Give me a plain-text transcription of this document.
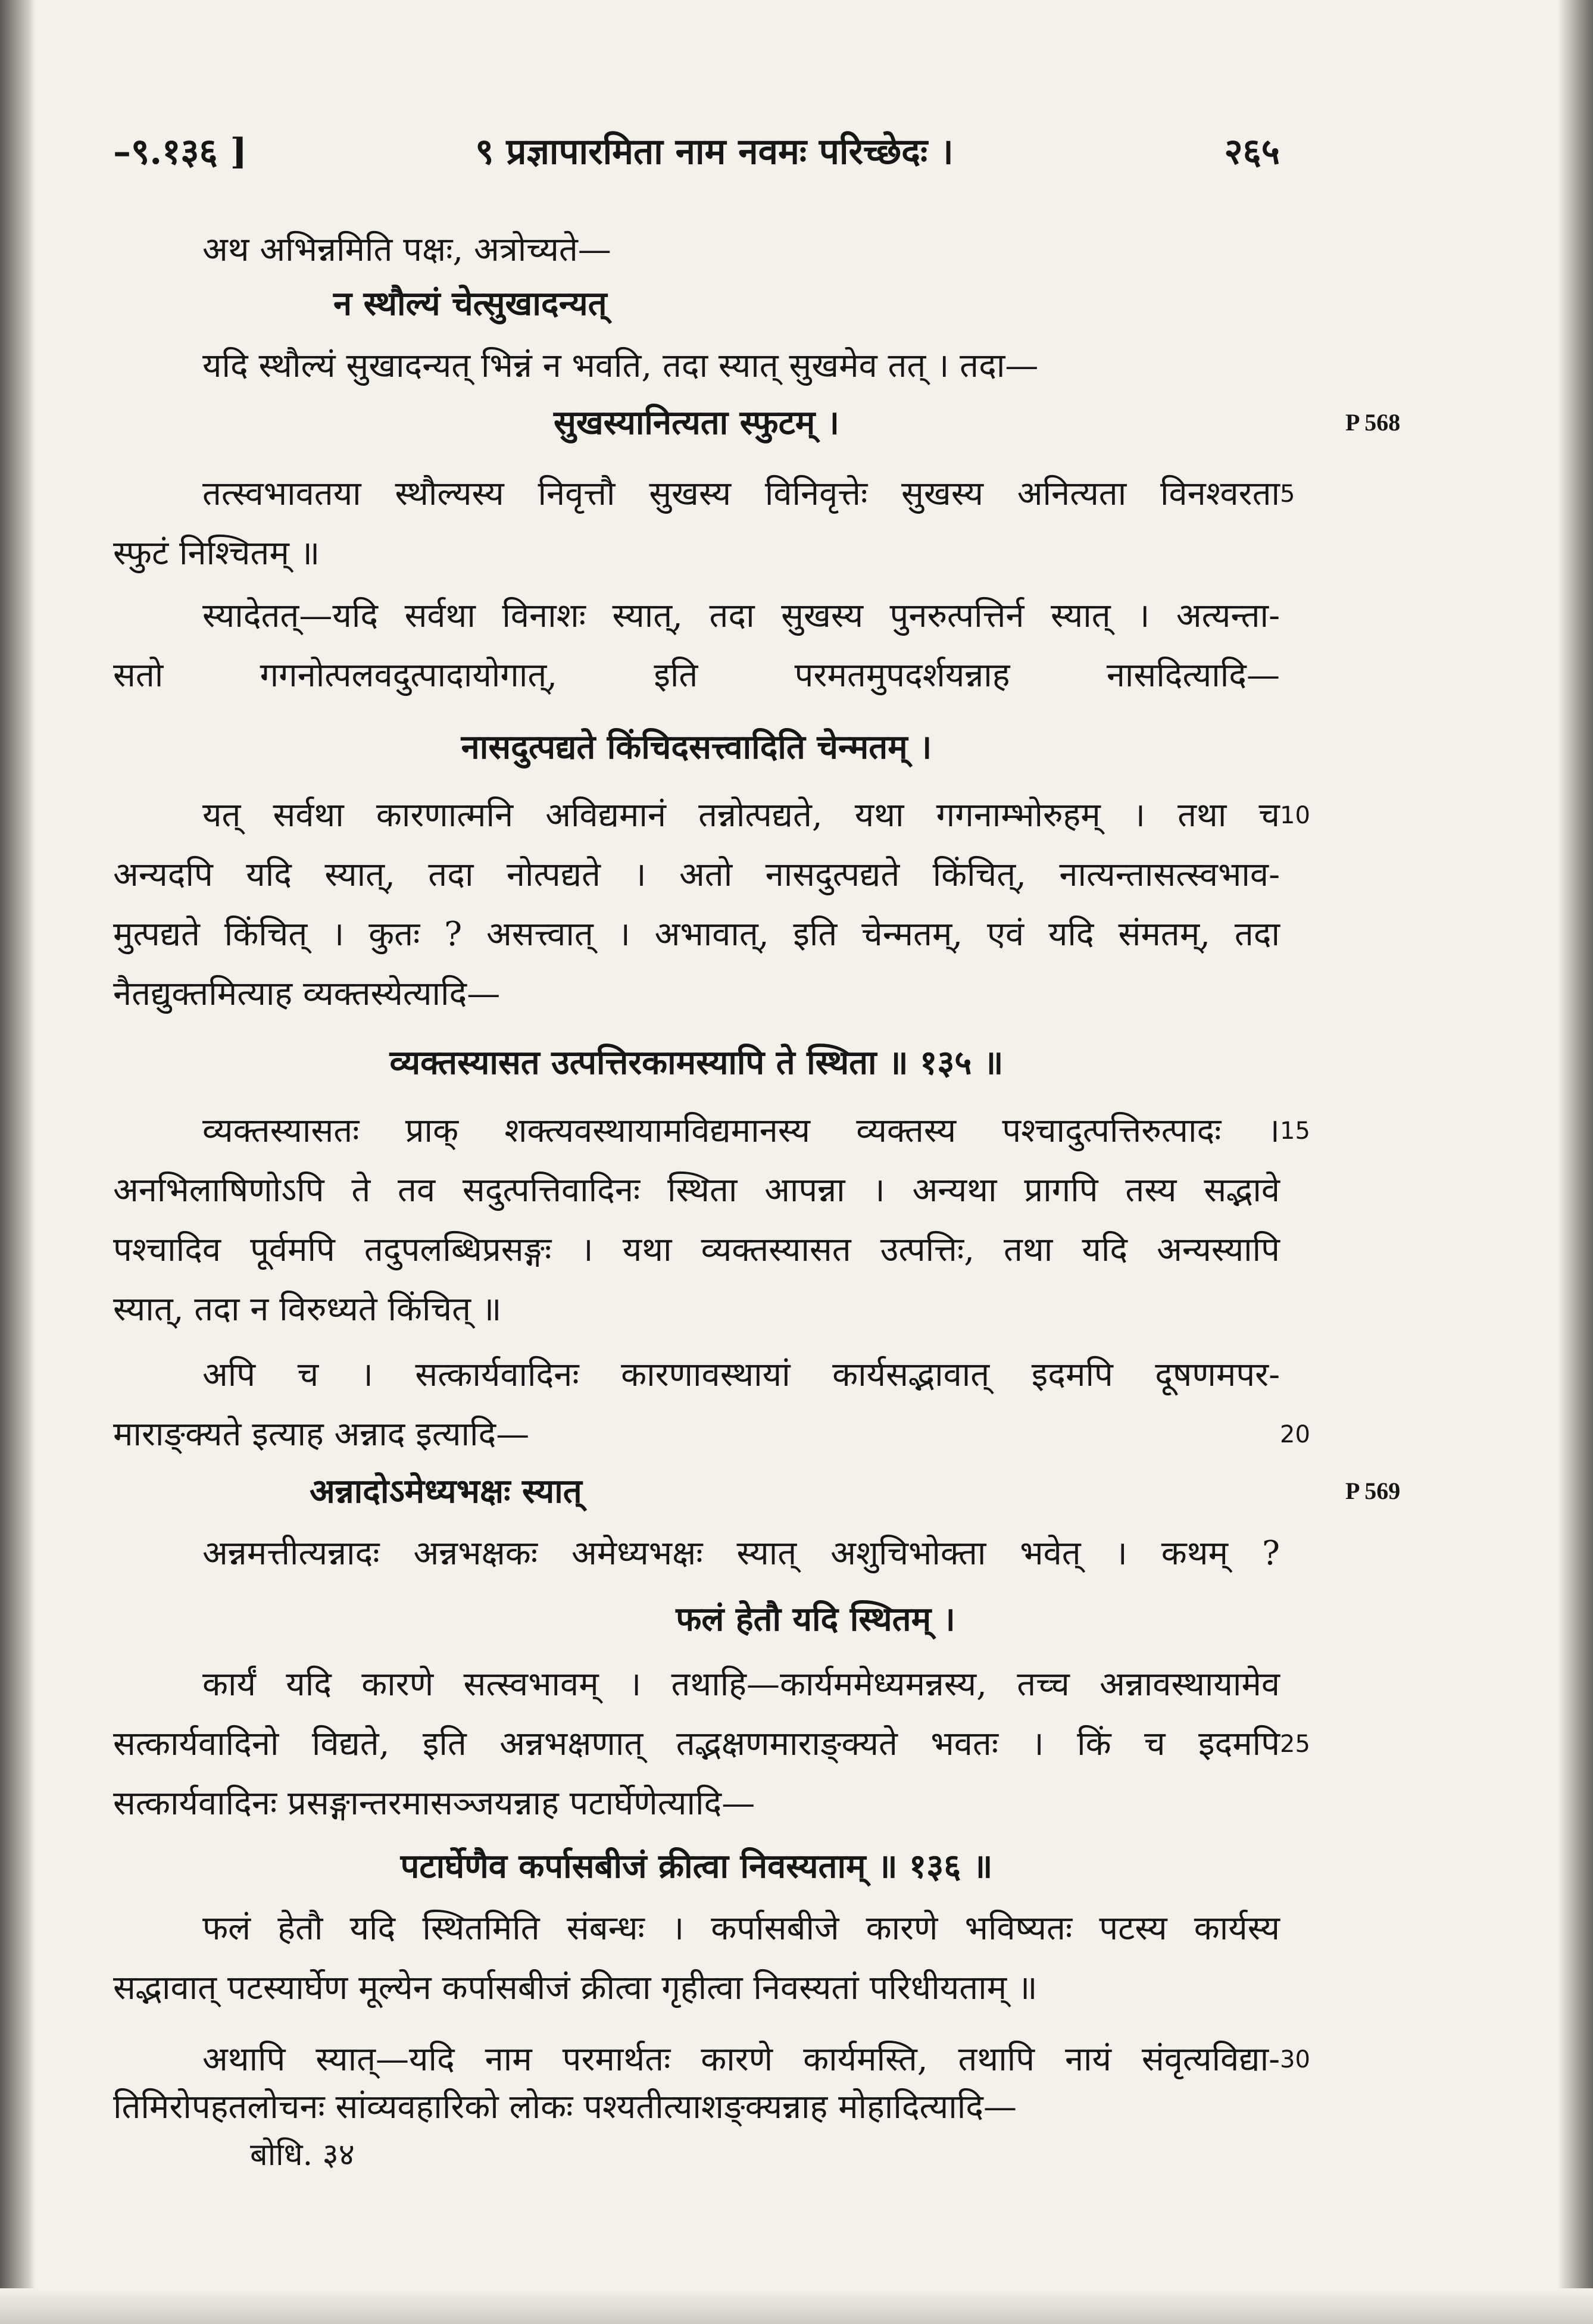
–९.१३६ ]	९ प्रज्ञापारमिता नाम नवमः परिच्छेदः ।	२६५
अथ अभिन्नमिति पक्षः, अत्रोच्यते—
न स्थौल्यं चेत्सुखादन्यत्
यदि स्थौल्यं सुखादन्यत् भिन्नं न भवति, तदा स्यात् सुखमेव तत् । तदा—
सुखस्यानित्यता स्फुटम् ।	P 568
तत्स्वभावतया स्थौल्यस्य निवृत्तौ सुखस्य विनिवृत्तेः सुखस्य अनित्यता विनश्वरता 5
स्फुटं निश्चितम् ॥
स्यादेतत्—यदि सर्वथा विनाशः स्यात्, तदा सुखस्य पुनरुत्पत्तिर्न स्यात् । अत्यन्ता-
सतो गगनोत्पलवदुत्पादायोगात्, इति परमतमुपदर्शयन्नाह नासदित्यादि—
नासदुत्पद्यते किंचिदसत्त्वादिति चेन्मतम् ।
यत् सर्वथा कारणात्मनि अविद्यमानं तन्नोत्पद्यते, यथा गगनाम्भोरुहम् । तथा च 10
अन्यदपि यदि स्यात्, तदा नोत्पद्यते । अतो नासदुत्पद्यते किंचित्, नात्यन्तासत्स्वभाव-
मुत्पद्यते किंचित् । कुतः ? असत्त्वात् । अभावात्, इति चेन्मतम्, एवं यदि संमतम्, तदा
नैतद्युक्तमित्याह व्यक्तस्येत्यादि—
व्यक्तस्यासत उत्पत्तिरकामस्यापि ते स्थिता ॥ १३५ ॥
व्यक्तस्यासतः प्राक् शक्त्यवस्थायामविद्यमानस्य व्यक्तस्य पश्चादुत्पत्तिरुत्पादः । 15
अनभिलाषिणोऽपि ते तव सदुत्पत्तिवादिनः स्थिता आपन्ना । अन्यथा प्रागपि तस्य सद्भावे
पश्चादिव पूर्वमपि तदुपलब्धिप्रसङ्गः । यथा व्यक्तस्यासत उत्पत्तिः, तथा यदि अन्यस्यापि
स्यात्, तदा न विरुध्यते किंचित् ॥
अपि च । सत्कार्यवादिनः कारणावस्थायां कार्यसद्भावात् इदमपि दूषणमपर-
माराङ्क्यते इत्याह अन्नाद इत्यादि—	20
अन्नादोऽमेध्यभक्षः स्यात्	P 569
अन्नमत्तीत्यन्नादः अन्नभक्षकः अमेध्यभक्षः स्यात् अशुचिभोक्ता भवेत् । कथम् ?
फलं हेतौ यदि स्थितम् ।
कार्यं यदि कारणे सत्स्वभावम् । तथाहि—कार्यममेध्यमन्नस्य, तच्च अन्नावस्थायामेव
सत्कार्यवादिनो विद्यते, इति अन्नभक्षणात् तद्भक्षणमाराङ्क्यते भवतः । किं च इदमपि 25
सत्कार्यवादिनः प्रसङ्गान्तरमासञ्जयन्नाह पटार्घेणेत्यादि—
पटार्घेणैव कर्पासबीजं क्रीत्वा निवस्यताम् ॥ १३६ ॥
फलं हेतौ यदि स्थितमिति संबन्धः । कर्पासबीजे कारणे भविष्यतः पटस्य कार्यस्य
सद्भावात् पटस्यार्घेण मूल्येन कर्पासबीजं क्रीत्वा गृहीत्वा निवस्यतां परिधीयताम् ॥
अथापि स्यात्—यदि नाम परमार्थतः कारणे कार्यमस्ति, तथापि नायं संवृत्यविद्या- 30
तिमिरोपहतलोचनः सांव्यवहारिको लोकः पश्यतीत्याशङ्क्यन्नाह मोहादित्यादि—
बोधि. ३४
